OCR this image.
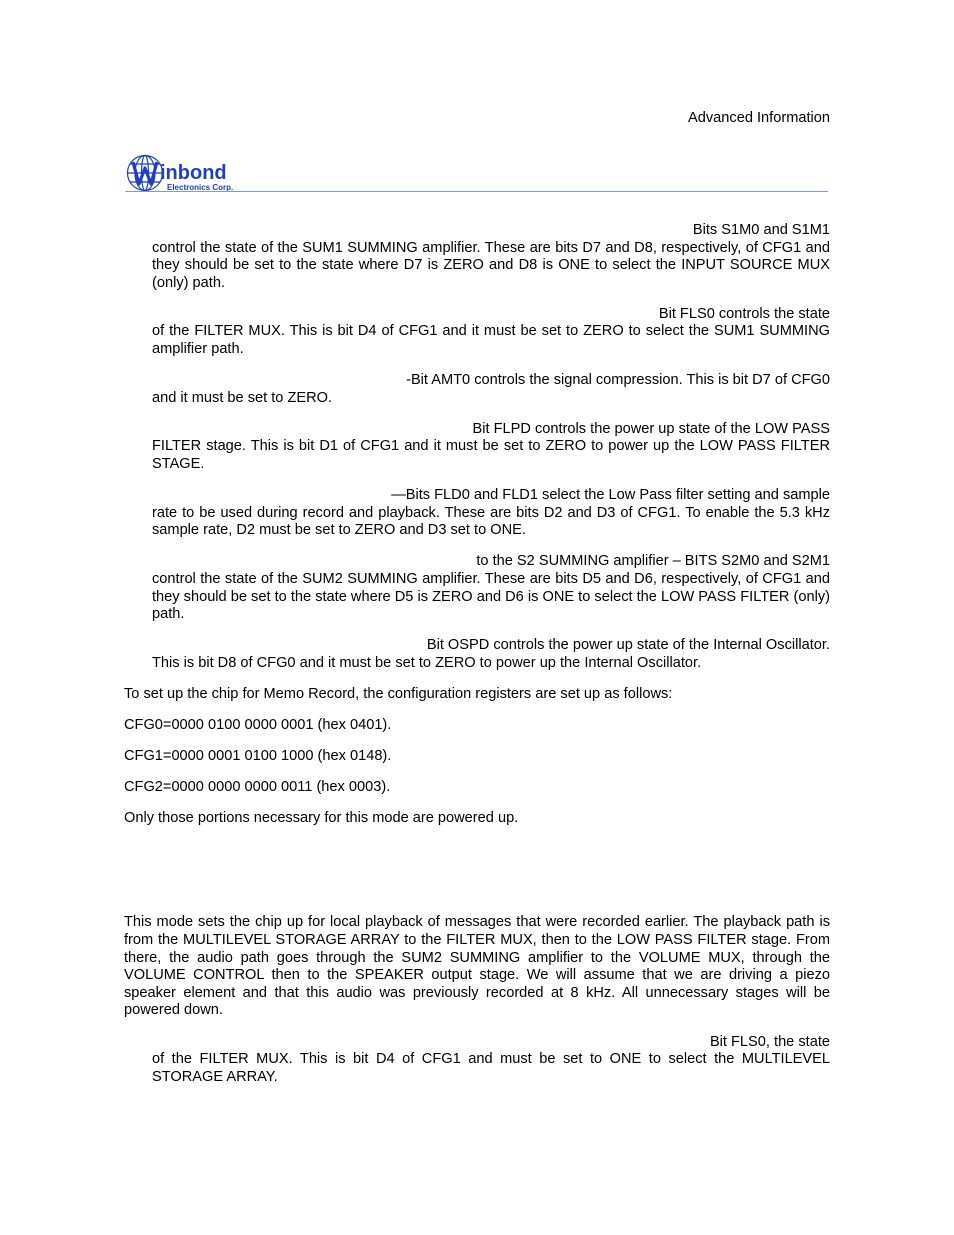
Advanced Information
inbond
Electronics Corp.
Bits S1M0 and S1M1
control the state of the SUM1 SUMMING amplifier. These are bits D7 and D8, respectively, of CFG1 and they should be set to the state where D7 is ZERO and D8 is ONE to select the INPUT SOURCE MUX (only) path.
Bit FLS0 controls the state
of the FILTER MUX. This is bit D4 of CFG1 and it must be set to ZERO to select the SUM1 SUMMING amplifier path.
-Bit AMT0 controls the signal compression. This is bit D7 of CFG0
and it must be set to ZERO.
Bit FLPD controls the power up state of the LOW PASS
FILTER stage. This is bit D1 of CFG1 and it must be set to ZERO to power up the LOW PASS FILTER STAGE.
—Bits FLD0 and FLD1 select the Low Pass filter setting and sample
rate to be used during record and playback. These are bits D2 and D3 of CFG1. To enable the 5.3 kHz sample rate, D2 must be set to ZERO and D3 set to ONE.
to the S2 SUMMING amplifier – BITS S2M0 and S2M1
control the state of the SUM2 SUMMING amplifier. These are bits D5 and D6, respectively, of CFG1 and they should be set to the state where D5 is ZERO and D6 is ONE to select the LOW PASS FILTER (only) path.
Bit OSPD controls the power up state of the Internal Oscillator.
This is bit D8 of CFG0 and it must be set to ZERO to power up the Internal Oscillator.

To set up the chip for Memo Record, the configuration registers are set up as follows:

CFG0=0000 0100 0000 0001 (hex 0401).

CFG1=0000 0001 0100 1000 (hex 0148).

CFG2=0000 0000 0000 0011 (hex 0003).

Only those portions necessary for this mode are powered up.

This mode sets the chip up for local playback of messages that were recorded earlier. The playback path is from the MULTILEVEL STORAGE ARRAY to the FILTER MUX, then to the LOW PASS FILTER stage. From there, the audio path goes through the SUM2 SUMMING amplifier to the VOLUME MUX, through the VOLUME CONTROL then to the SPEAKER output stage. We will assume that we are driving a piezo speaker element and that this audio was previously recorded at 8 kHz. All unnecessary stages will be powered down.

Bit FLS0, the state
of the FILTER MUX. This is bit D4 of CFG1 and must be set to ONE to select the MULTILEVEL STORAGE ARRAY.
